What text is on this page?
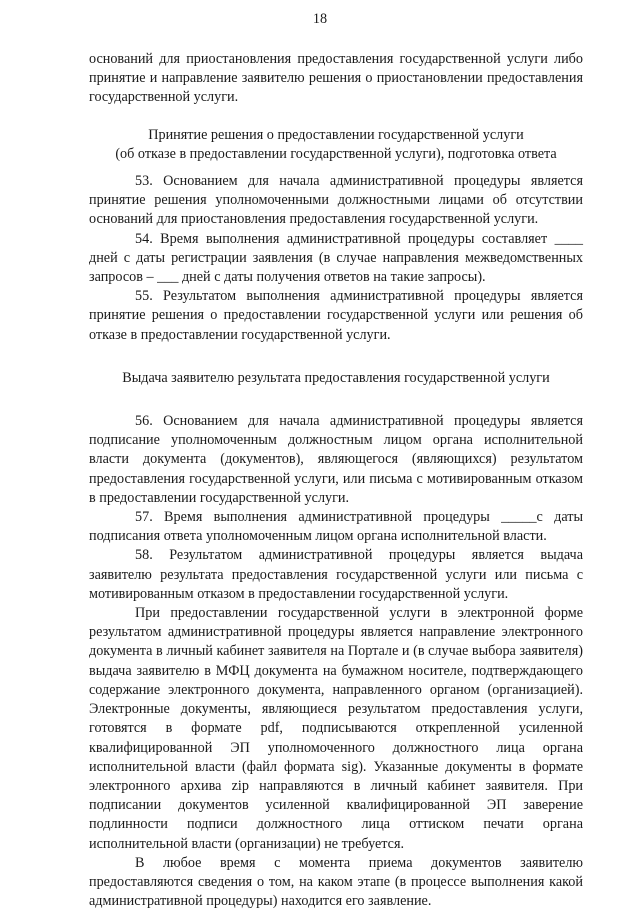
18

оснований для приостановления предоставления государственной услуги либо принятие и направление заявителю решения о приостановлении предоставления государственной услуги.

Принятие решения о предоставлении государственной услуги

(об отказе в предоставлении государственной услуги), подготовка ответа

53. Основанием для начала административной процедуры является принятие решения уполномоченными должностными лицами об отсутствии оснований для приостановления предоставления государственной услуги.

54. Время выполнения административной процедуры составляет ____ дней с даты регистрации заявления (в случае направления межведомственных запросов – ___ дней с даты получения ответов на такие запросы).

55. Результатом выполнения административной процедуры является принятие решения о предоставлении государственной услуги или решения об отказе в предоставлении государственной услуги.

Выдача заявителю результата предоставления государственной услуги

56. Основанием для начала административной процедуры является подписание уполномоченным должностным лицом органа исполнительной власти документа (документов), являющегося (являющихся) результатом предоставления государственной услуги, или письма с мотивированным отказом в предоставлении государственной услуги.

57. Время выполнения административной процедуры _____с даты подписания ответа уполномоченным лицом органа исполнительной власти.

58. Результатом административной процедуры является выдача заявителю результата предоставления государственной услуги или письма с мотивированным отказом в предоставлении государственной услуги.

При предоставлении государственной услуги в электронной форме результатом административной процедуры является направление электронного документа в личный кабинет заявителя на Портале и (в случае выбора заявителя) выдача заявителю в МФЦ документа на бумажном носителе, подтверждающего содержание электронного документа, направленного органом (организацией). Электронные документы, являющиеся результатом предоставления услуги, готовятся в формате pdf, подписываются открепленной усиленной квалифицированной ЭП уполномоченного должностного лица органа исполнительной власти (файл формата sig). Указанные документы в формате электронного архива zip направляются в личный кабинет заявителя. При подписании документов усиленной квалифицированной ЭП заверение подлинности подписи должностного лица оттиском печати органа исполнительной власти (организации) не требуется.

В любое время с момента приема документов заявителю предоставляются сведения о том, на каком этапе (в процессе выполнения какой административной процедуры) находится его заявление.
